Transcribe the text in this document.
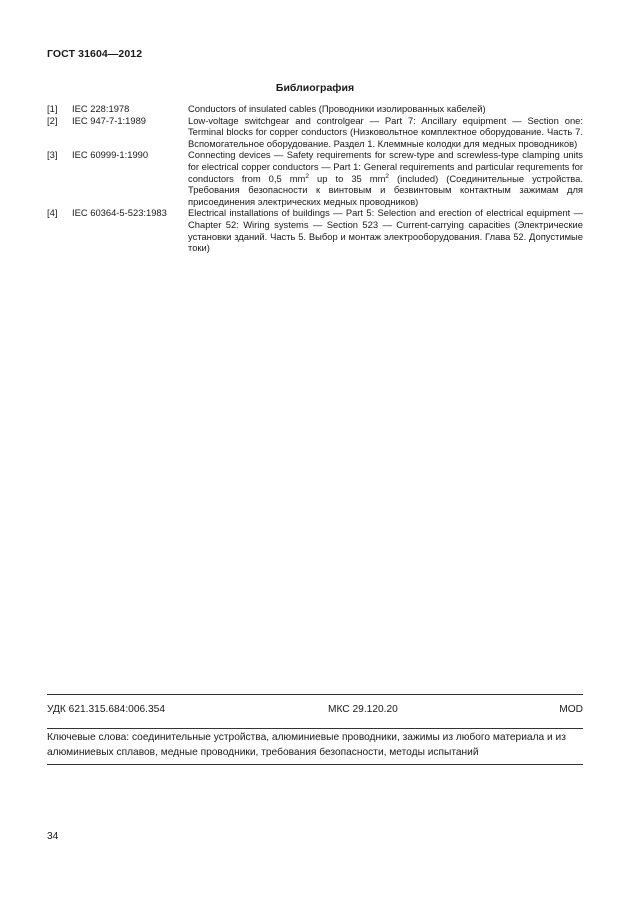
ГОСТ 31604—2012
Библиография
[1]	IEC 228:1978	Conductors of insulated cables (Проводники изолированных кабелей)
[2]	IEC 947-7-1:1989	Low-voltage switchgear and controlgear — Part 7: Ancillary equipment — Section one: Terminal blocks for copper conductors (Низковольтное комплектное оборудование. Часть 7. Вспомогательное оборудование. Раздел 1. Клеммные колодки для медных проводников)
[3]	IEC 60999-1:1990	Connecting devices — Safety requirements for screw-type and screwless-type clamping units for electrical copper conductors — Part 1: General requirements and particular requrements for conductors from 0,5 $mm^2$ up to 35 $mm^2$ (included) (Соединительные устройства. Требования безопасности к винтовым и безвинтовым контактным зажимам для присоединения электрических медных проводников)
[4]	IEC 60364-5-523:1983	Electrical installations of buildings — Part 5: Selection and erection of electrical equipment — Chapter 52: Wiring systems — Section 523 — Current-carrying capacities (Электрические установки зданий. Часть 5. Выбор и монтаж электрооборудования. Глава 52. Допустимые токи)
УДК 621.315.684:006.354	МКС 29.120.20	MOD
Ключевые слова: соединительные устройства, алюминиевые проводники, зажимы из любого материала и из алюминиевых сплавов, медные проводники, требования безопасности, методы испытаний
34
